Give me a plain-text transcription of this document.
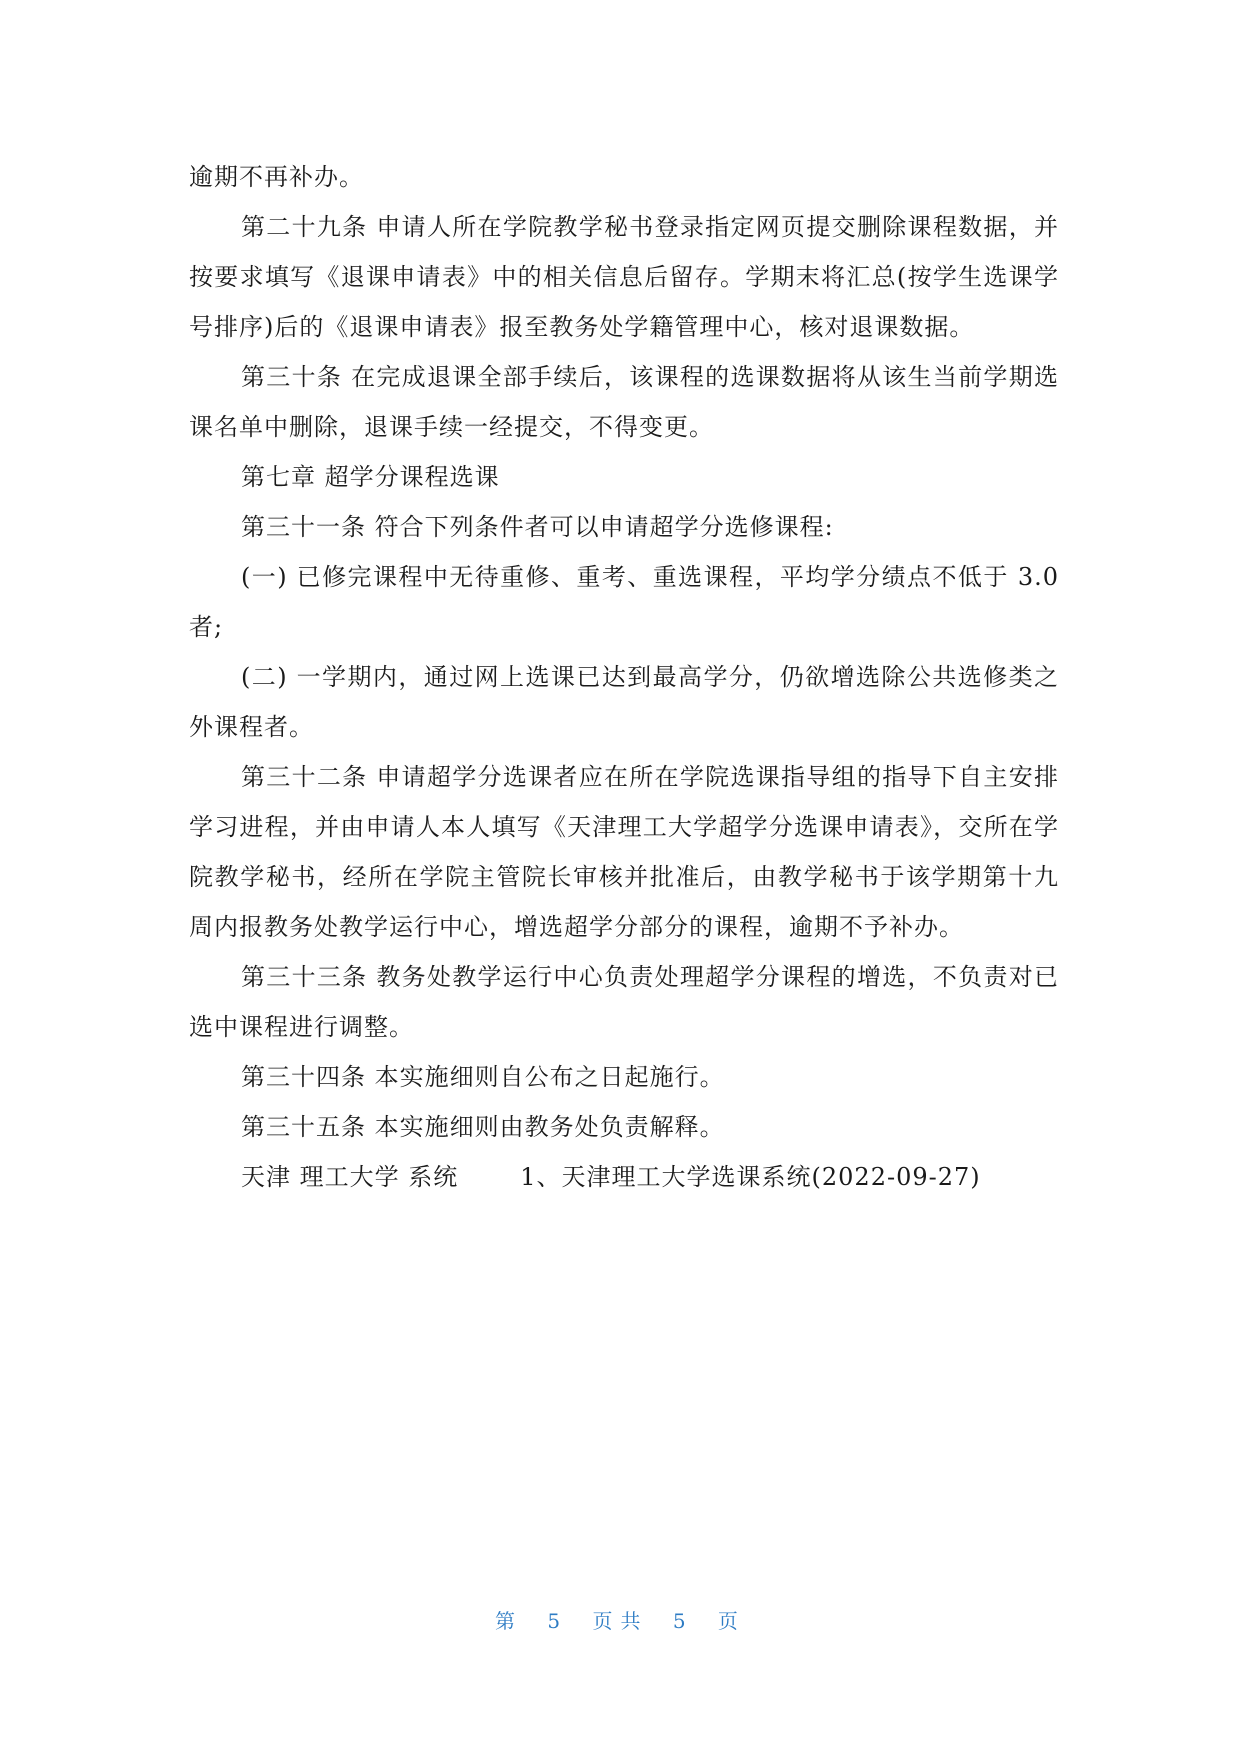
逾期不再补办。

第二十九条 申请人所在学院教学秘书登录指定网页提交删除课程数据，并按要求填写《退课申请表》中的相关信息后留存。学期末将汇总(按学生选课学号排序)后的《退课申请表》报至教务处学籍管理中心，核对退课数据。

第三十条 在完成退课全部手续后，该课程的选课数据将从该生当前学期选课名单中删除，退课手续一经提交，不得变更。

第七章 超学分课程选课

第三十一条 符合下列条件者可以申请超学分选修课程:

(一) 已修完课程中无待重修、重考、重选课程，平均学分绩点不低于 3.0 者;

(二) 一学期内，通过网上选课已达到最高学分，仍欲增选除公共选修类之外课程者。

第三十二条 申请超学分选课者应在所在学院选课指导组的指导下自主安排学习进程，并由申请人本人填写《天津理工大学超学分选课申请表》，交所在学院教学秘书，经所在学院主管院长审核并批准后，由教学秘书于该学期第十九周内报教务处教学运行中心，增选超学分部分的课程，逾期不予补办。

第三十三条 教务处教学运行中心负责处理超学分课程的增选，不负责对已选中课程进行调整。

第三十四条 本实施细则自公布之日起施行。

第三十五条 本实施细则由教务处负责解释。

天津 理工大学 系统	1、天津理工大学选课系统(2022-09-27)

第 5 页共 5 页
